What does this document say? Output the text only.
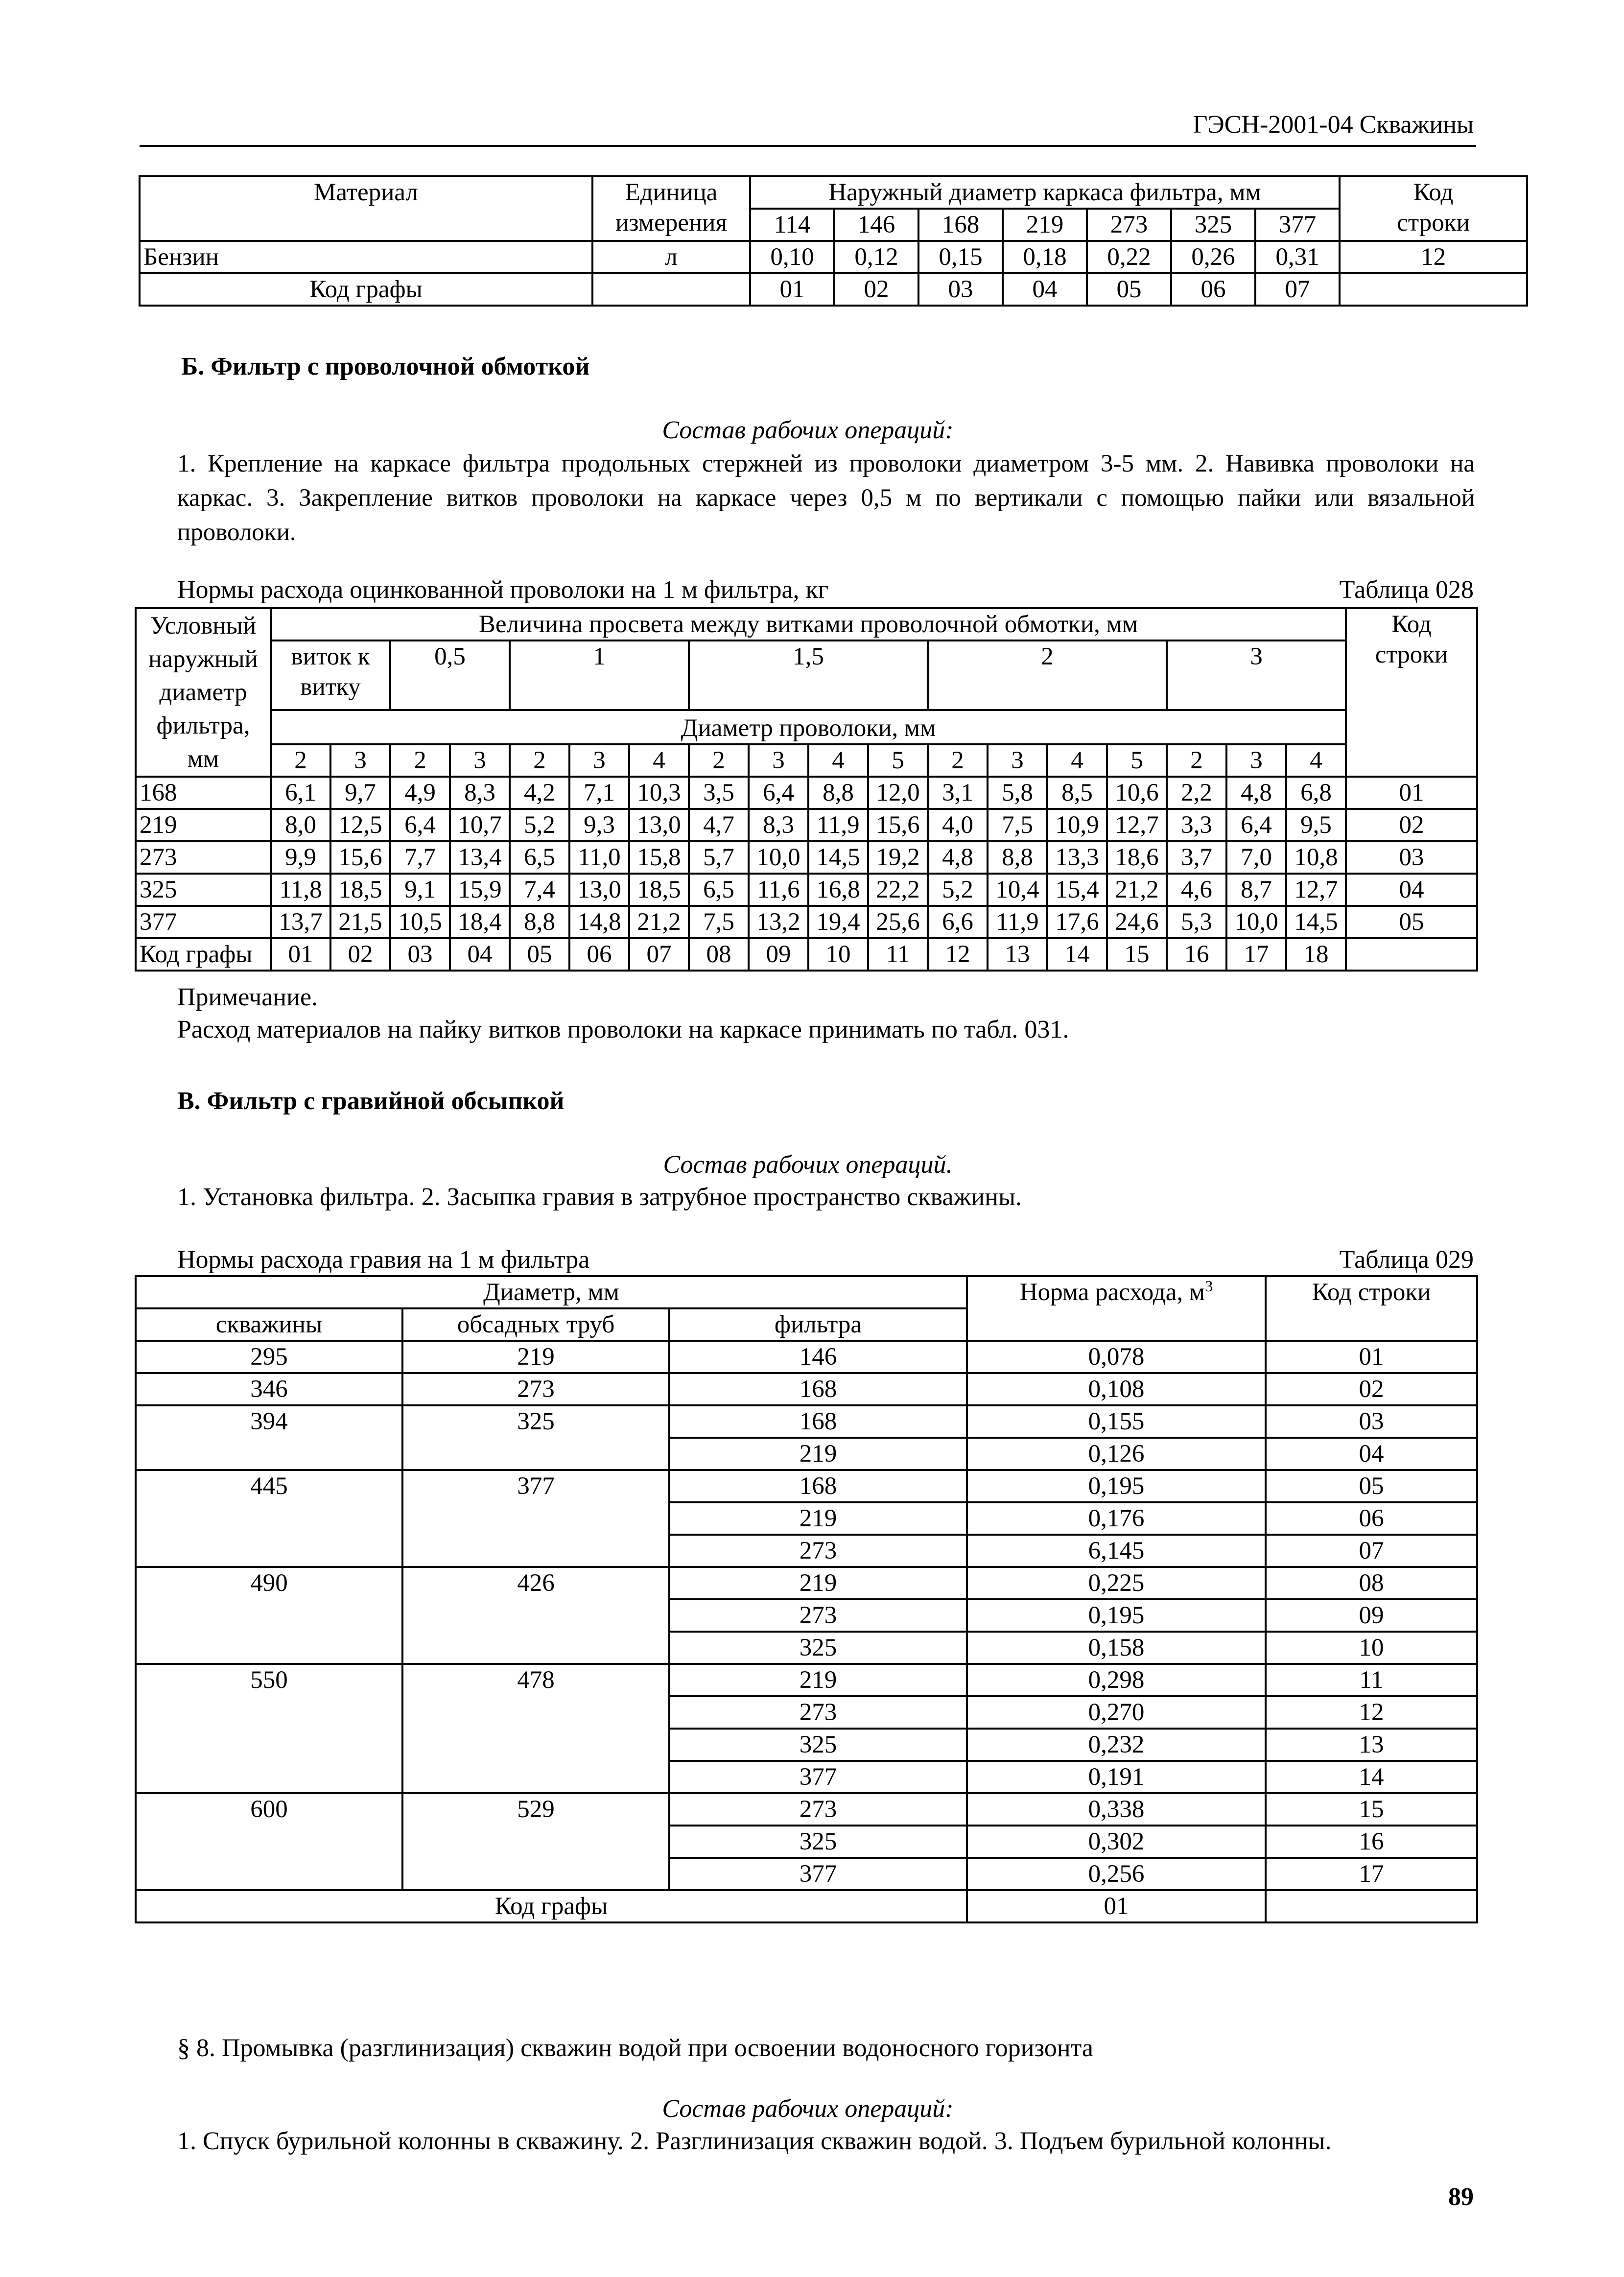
ГЭСН-2001-04 Скважины
Материал	Единица
измерения	Наружный диаметр каркаса фильтра, мм							Код
строки
		114	146	168	219	273	325	377	
Бензин	л	0,10	0,12	0,15	0,18	0,22	0,26	0,31	12
Код графы		01	02	03	04	05	06	07	
Б. Фильтр с проволочной обмоткой
Состав рабочих операций:
1. Крепление на каркасе фильтра продольных стержней из проволоки диаметром 3-5 мм. 2. Навивка проволоки на каркас. 3. Закрепление витков проволоки на каркасе через 0,5 м по вертикали с помощью пайки или вязальной проволоки.
Нормы расхода оцинкованной проволоки на 1 м фильтра, кг	Таблица 028
Условный
наружный
диаметр
фильтра,
мм	Величина просвета между витками проволочной обмотки, мм																		Код
строки
	виток к
витку		0,5		1			1,5				2				3			

	Диаметр проволоки, мм																		
	2	3	2	3	2	3	4	2	3	4	5	2	3	4	5	2	3	4	
168	6,1	9,7	4,9	8,3	4,2	7,1	10,3	3,5	6,4	8,8	12,0	3,1	5,8	8,5	10,6	2,2	4,8	6,8	01
219	8,0	12,5	6,4	10,7	5,2	9,3	13,0	4,7	8,3	11,9	15,6	4,0	7,5	10,9	12,7	3,3	6,4	9,5	02
273	9,9	15,6	7,7	13,4	6,5	11,0	15,8	5,7	10,0	14,5	19,2	4,8	8,8	13,3	18,6	3,7	7,0	10,8	03
325	11,8	18,5	9,1	15,9	7,4	13,0	18,5	6,5	11,6	16,8	22,2	5,2	10,4	15,4	21,2	4,6	8,7	12,7	04
377	13,7	21,5	10,5	18,4	8,8	14,8	21,2	7,5	13,2	19,4	25,6	6,6	11,9	17,6	24,6	5,3	10,0	14,5	05
Код графы	01	02	03	04	05	06	07	08	09	10	11	12	13	14	15	16	17	18	
Примечание.
Расход материалов на пайку витков проволоки на каркасе принимать по табл. 031.
В. Фильтр с гравийной обсыпкой
Состав рабочих операций.
1. Установка фильтра. 2. Засыпка гравия в затрубное пространство скважины.
Нормы расхода гравия на 1 м фильтра	Таблица 029
Диаметр, мм			Норма расхода, $м^3$	Код строки
скважины	обсадных труб	фильтра		
295	219	146	0,078	01
346	273	168	0,108	02
394	325	168	0,155	03
		219	0,126	04
445	377	168	0,195	05
		219	0,176	06
		273	6,145	07
490	426	219	0,225	08
		273	0,195	09
		325	0,158	10
550	478	219	0,298	11
		273	0,270	12
		325	0,232	13
		377	0,191	14
600	529	273	0,338	15
		325	0,302	16
		377	0,256	17
Код графы			01	
§ 8. Промывка (разглинизация) скважин водой при освоении водоносного горизонта
Состав рабочих операций:
1. Спуск бурильной колонны в скважину. 2. Разглинизация скважин водой. 3. Подъем бурильной колонны.
89
